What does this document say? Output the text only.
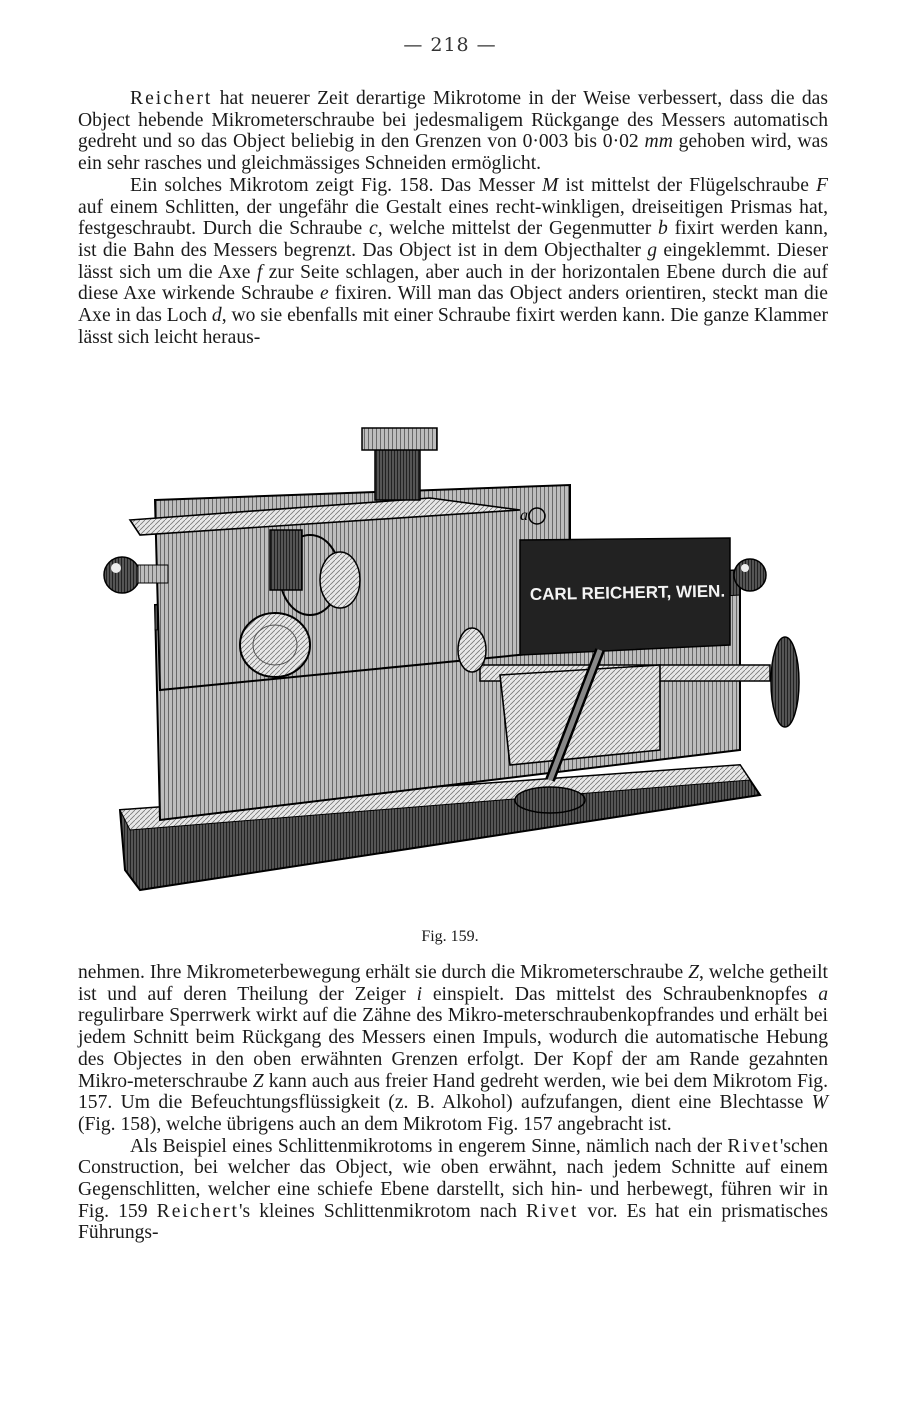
— 218 —

Reichert hat neuerer Zeit derartige Mikrotome in der Weise verbessert, dass die das Object hebende Mikrometerschraube bei jedesmaligem Rückgange des Messers automatisch gedreht und so das Object beliebig in den Grenzen von 0·003 bis 0·02 mm gehoben wird, was ein sehr rasches und gleichmässiges Schneiden ermöglicht.

Ein solches Mikrotom zeigt Fig. 158. Das Messer M ist mittelst der Flügelschraube F auf einem Schlitten, der ungefähr die Gestalt eines recht-winkligen, dreiseitigen Prismas hat, festgeschraubt. Durch die Schraube c, welche mittelst der Gegenmutter b fixirt werden kann, ist die Bahn des Messers begrenzt. Das Object ist in dem Objecthalter g eingeklemmt. Dieser lässt sich um die Axe f zur Seite schlagen, aber auch in der horizontalen Ebene durch die auf diese Axe wirkende Schraube e fixiren. Will man das Object anders orientiren, steckt man die Axe in das Loch d, wo sie ebenfalls mit einer Schraube fixirt werden kann. Die ganze Klammer lässt sich leicht heraus-

CARL REICHERT, WIEN.
a
Fig. 159.

nehmen. Ihre Mikrometerbewegung erhält sie durch die Mikrometerschraube Z, welche getheilt ist und auf deren Theilung der Zeiger i einspielt. Das mittelst des Schraubenknopfes a regulirbare Sperrwerk wirkt auf die Zähne des Mikro-meterschraubenkopfrandes und erhält bei jedem Schnitt beim Rückgang des Messers einen Impuls, wodurch die automatische Hebung des Objectes in den oben erwähnten Grenzen erfolgt. Der Kopf der am Rande gezahnten Mikro-meterschraube Z kann auch aus freier Hand gedreht werden, wie bei dem Mikrotom Fig. 157. Um die Befeuchtungsflüssigkeit (z. B. Alkohol) aufzufangen, dient eine Blechtasse W (Fig. 158), welche übrigens auch an dem Mikrotom Fig. 157 angebracht ist.

Als Beispiel eines Schlittenmikrotoms in engerem Sinne, nämlich nach der Rivet'schen Construction, bei welcher das Object, wie oben erwähnt, nach jedem Schnitte auf einem Gegenschlitten, welcher eine schiefe Ebene darstellt, sich hin- und herbewegt, führen wir in Fig. 159 Reichert's kleines Schlittenmikrotom nach Rivet vor. Es hat ein prismatisches Führungs-
